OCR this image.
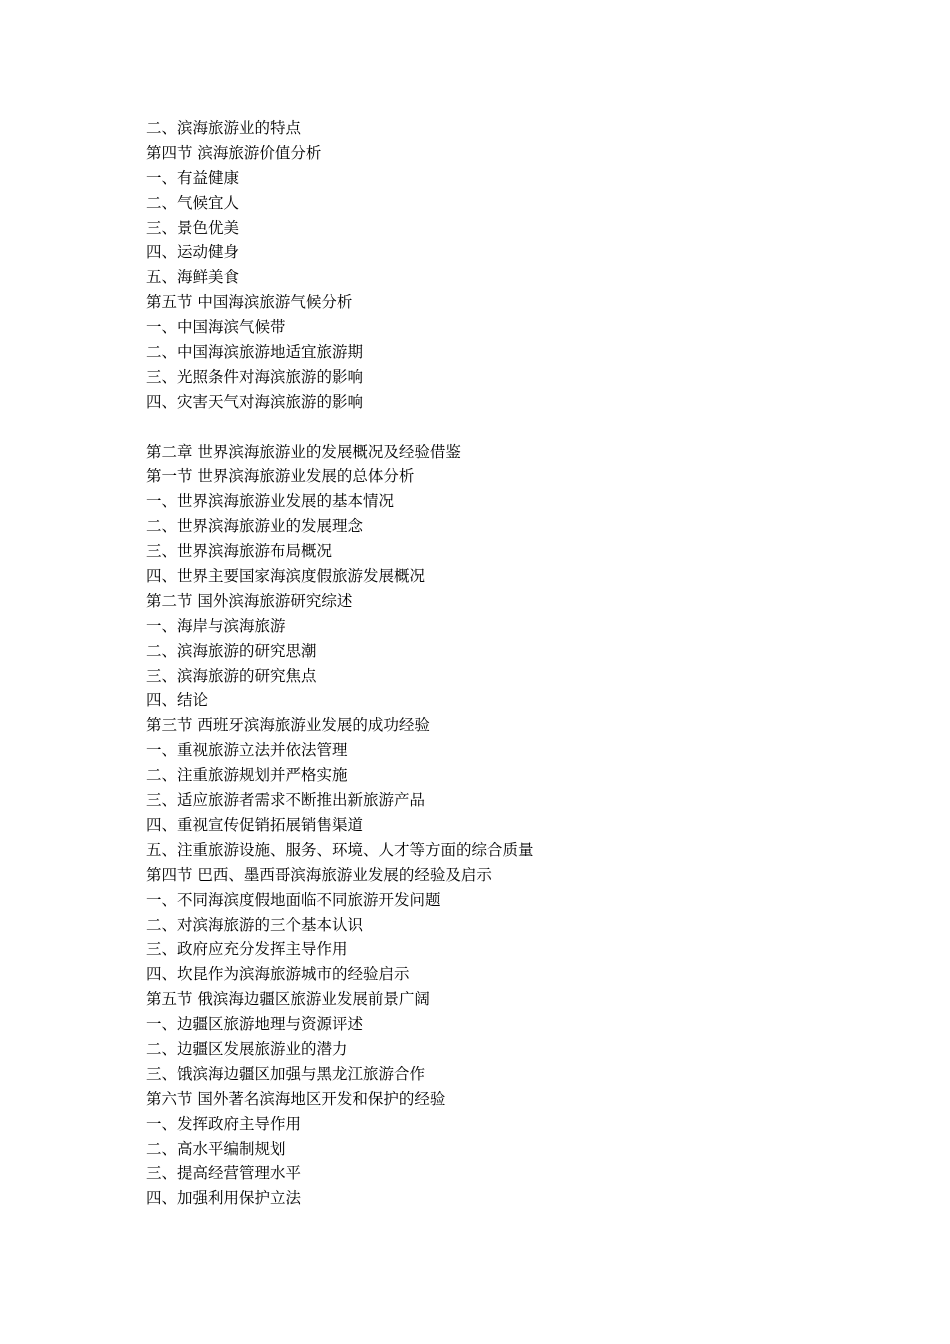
二、滨海旅游业的特点
第四节 滨海旅游价值分析
一、有益健康
二、气候宜人
三、景色优美
四、运动健身
五、海鲜美食
第五节 中国海滨旅游气候分析
一、中国海滨气候带
二、中国海滨旅游地适宜旅游期
三、光照条件对海滨旅游的影响
四、灾害天气对海滨旅游的影响
第二章 世界滨海旅游业的发展概况及经验借鉴
第一节 世界滨海旅游业发展的总体分析
一、世界滨海旅游业发展的基本情况
二、世界滨海旅游业的发展理念
三、世界滨海旅游布局概况
四、世界主要国家海滨度假旅游发展概况
第二节 国外滨海旅游研究综述
一、海岸与滨海旅游
二、滨海旅游的研究思潮
三、滨海旅游的研究焦点
四、结论
第三节 西班牙滨海旅游业发展的成功经验
一、重视旅游立法并依法管理
二、注重旅游规划并严格实施
三、适应旅游者需求不断推出新旅游产品
四、重视宣传促销拓展销售渠道
五、注重旅游设施、服务、环境、人才等方面的综合质量
第四节 巴西、墨西哥滨海旅游业发展的经验及启示
一、不同海滨度假地面临不同旅游开发问题
二、对滨海旅游的三个基本认识
三、政府应充分发挥主导作用
四、坎昆作为滨海旅游城市的经验启示
第五节 俄滨海边疆区旅游业发展前景广阔
一、边疆区旅游地理与资源评述
二、边疆区发展旅游业的潜力
三、饿滨海边疆区加强与黑龙江旅游合作
第六节 国外著名滨海地区开发和保护的经验
一、发挥政府主导作用
二、高水平编制规划
三、提高经营管理水平
四、加强利用保护立法
